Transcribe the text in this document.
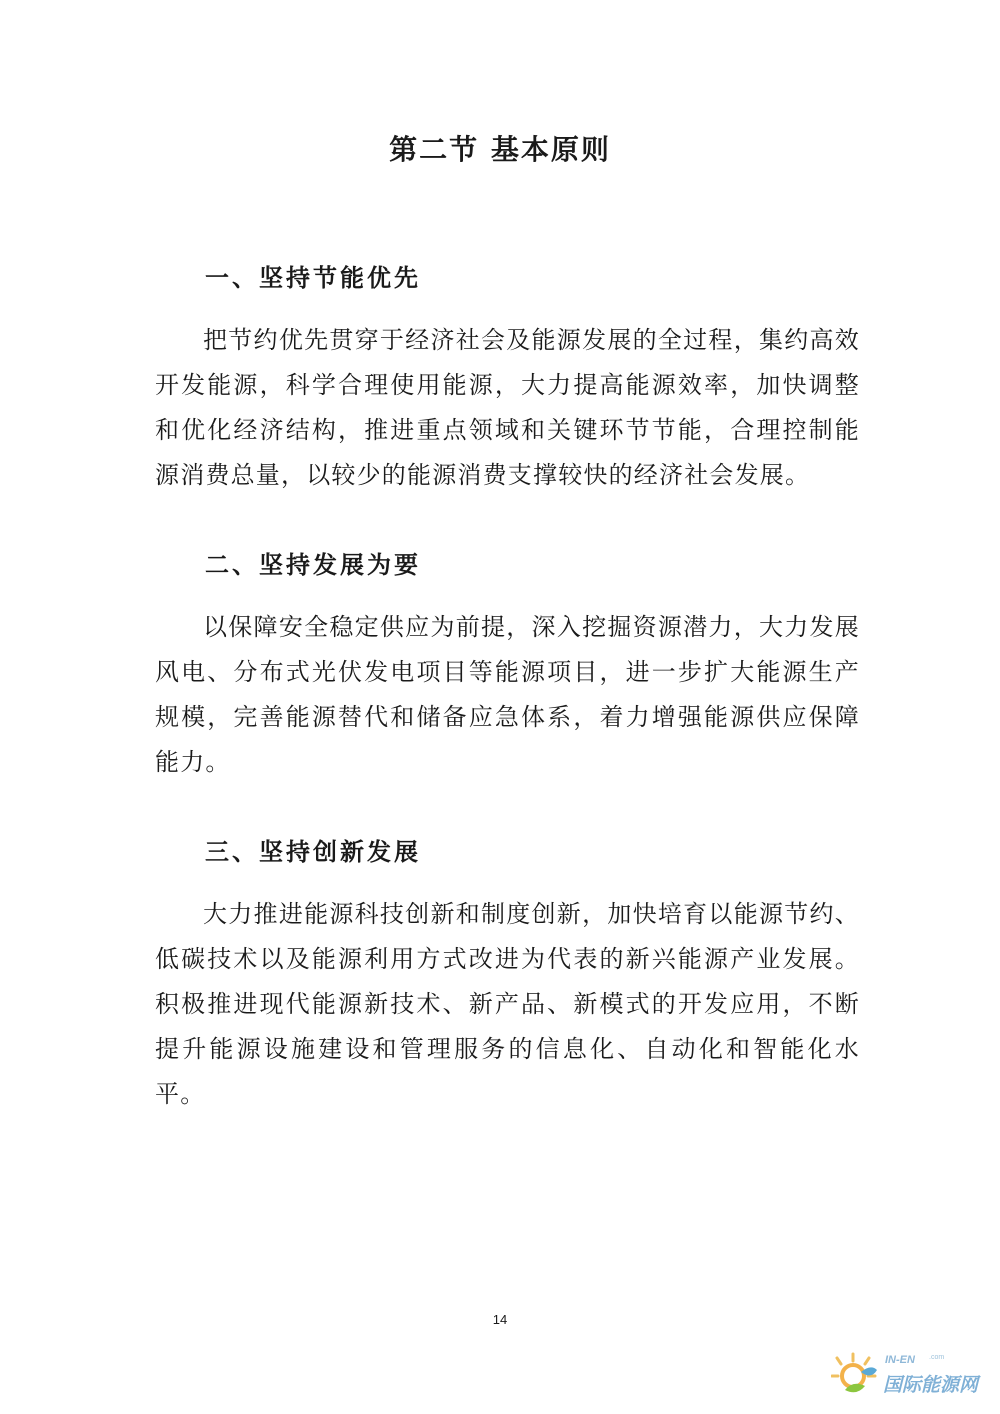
第二节 基本原则
一、坚持节能优先
把节约优先贯穿于经济社会及能源发展的全过程，集约高效开发能源，科学合理使用能源，大力提高能源效率，加快调整和优化经济结构，推进重点领域和关键环节节能，合理控制能源消费总量，以较少的能源消费支撑较快的经济社会发展。
二、坚持发展为要
以保障安全稳定供应为前提，深入挖掘资源潜力，大力发展风电、分布式光伏发电项目等能源项目，进一步扩大能源生产规模，完善能源替代和储备应急体系，着力增强能源供应保障能力。
三、坚持创新发展
大力推进能源科技创新和制度创新，加快培育以能源节约、低碳技术以及能源利用方式改进为代表的新兴能源产业发展。积极推进现代能源新技术、新产品、新模式的开发应用，不断提升能源设施建设和管理服务的信息化、自动化和智能化水平。
14
IN-EN .com
国际能源网
